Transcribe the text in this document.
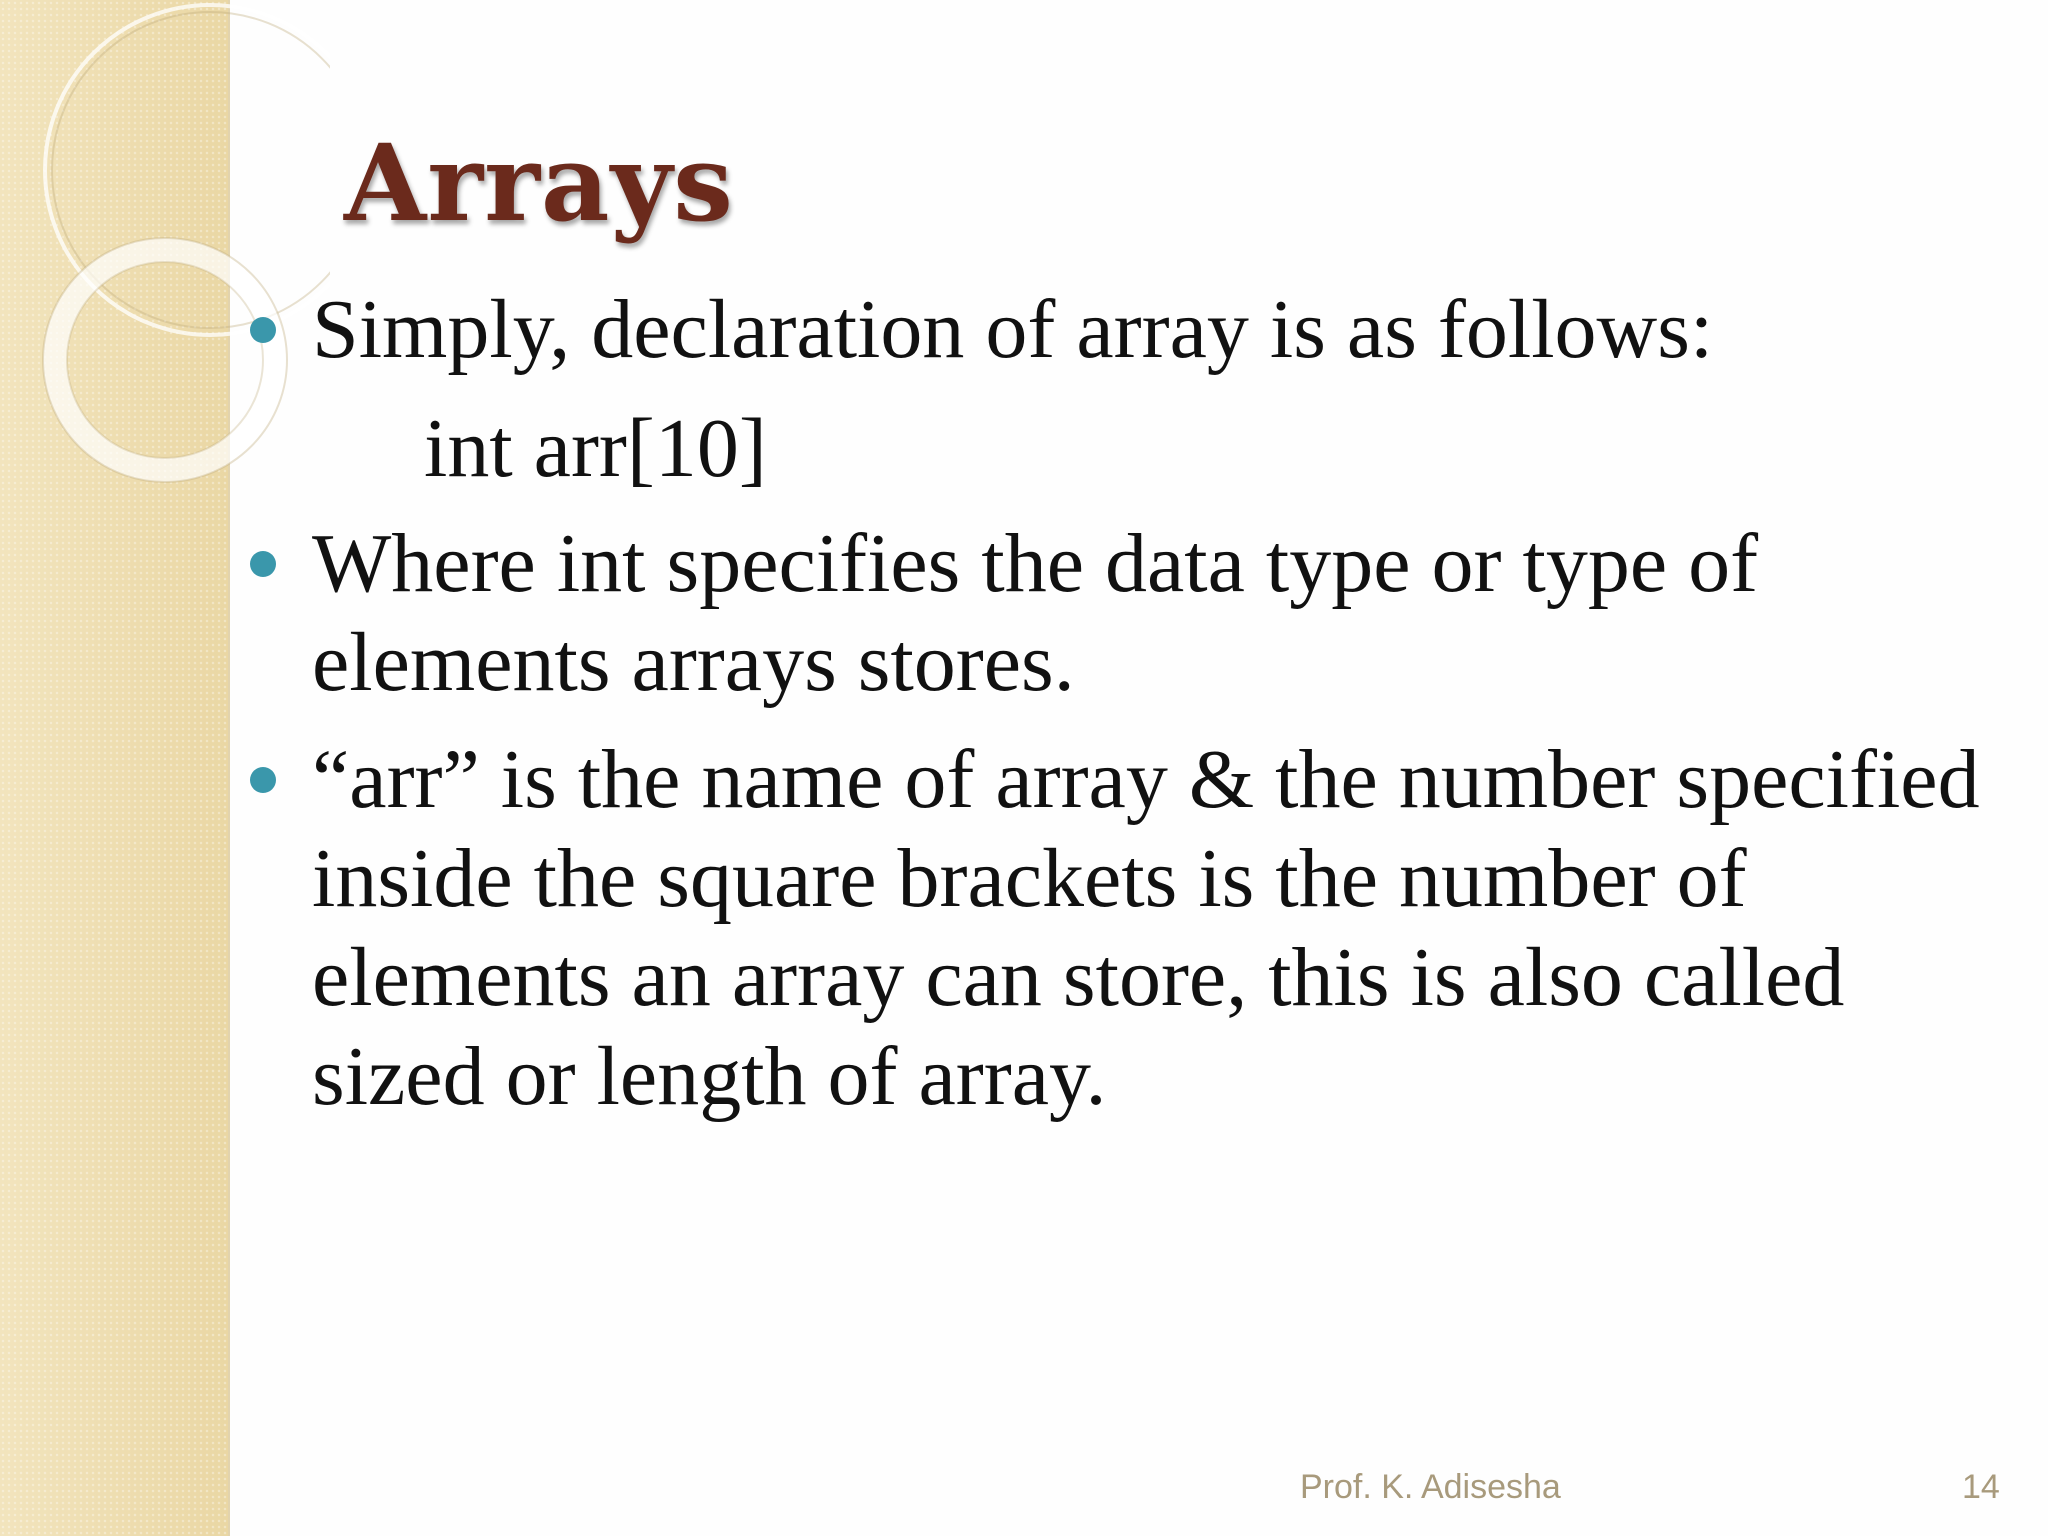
Arrays
Simply, declaration of array is as follows:
int arr[10]
Where int specifies the data type or type of elements arrays stores.
“arr” is the name of array & the number specified inside the square brackets is the number of elements an array can store, this is also called sized or length of array.
Prof. K. Adisesha	14
